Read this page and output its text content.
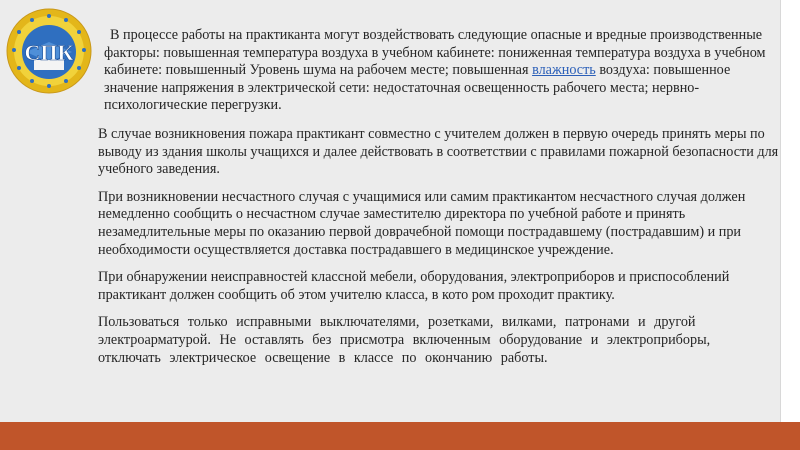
СПК
В процессе работы на практиканта могут воздействовать следующие опасные и вредные производственные факторы: повышенная температура воздуха в учебном кабинете: пониженная температура воздуха в учебном кабинете: повышенный Уровень шума на рабочем месте; повышенная влажность воздуха: повышенное значение напряжения в электрической сети: недостаточная освещенность рабочего места; нервно-психологические перегрузки.

В случае возникновения пожара практикант совместно с учителем должен в первую очередь принять меры по выводу из здания школы учащихся и далее действовать в соответствии с правилами пожарной безопасности для учебного заведения.

При возникновении несчастного случая с учащимися или самим практикантом несчастного случая должен немедленно сообщить о несчастном случае заместителю директора по учебной работе и принять незамедлительные меры по оказанию первой доврачебной помощи пострадавшему (пострадавшим) и при необходимости осуществляется доставка пострадавшего в медицинское учреждение.

При обнаружении неисправностей классной мебели, оборудования, электроприборов и приспособлений практикант должен сообщить об этом учителю класса, в кото ром проходит практику.

Пользоваться только исправными выключателями, розетками, вилками, патронами и другой электроарматурой. Не оставлять без присмотра включенным оборудование и электроприборы, отключать электрическое освещение в классе по окончанию работы.
